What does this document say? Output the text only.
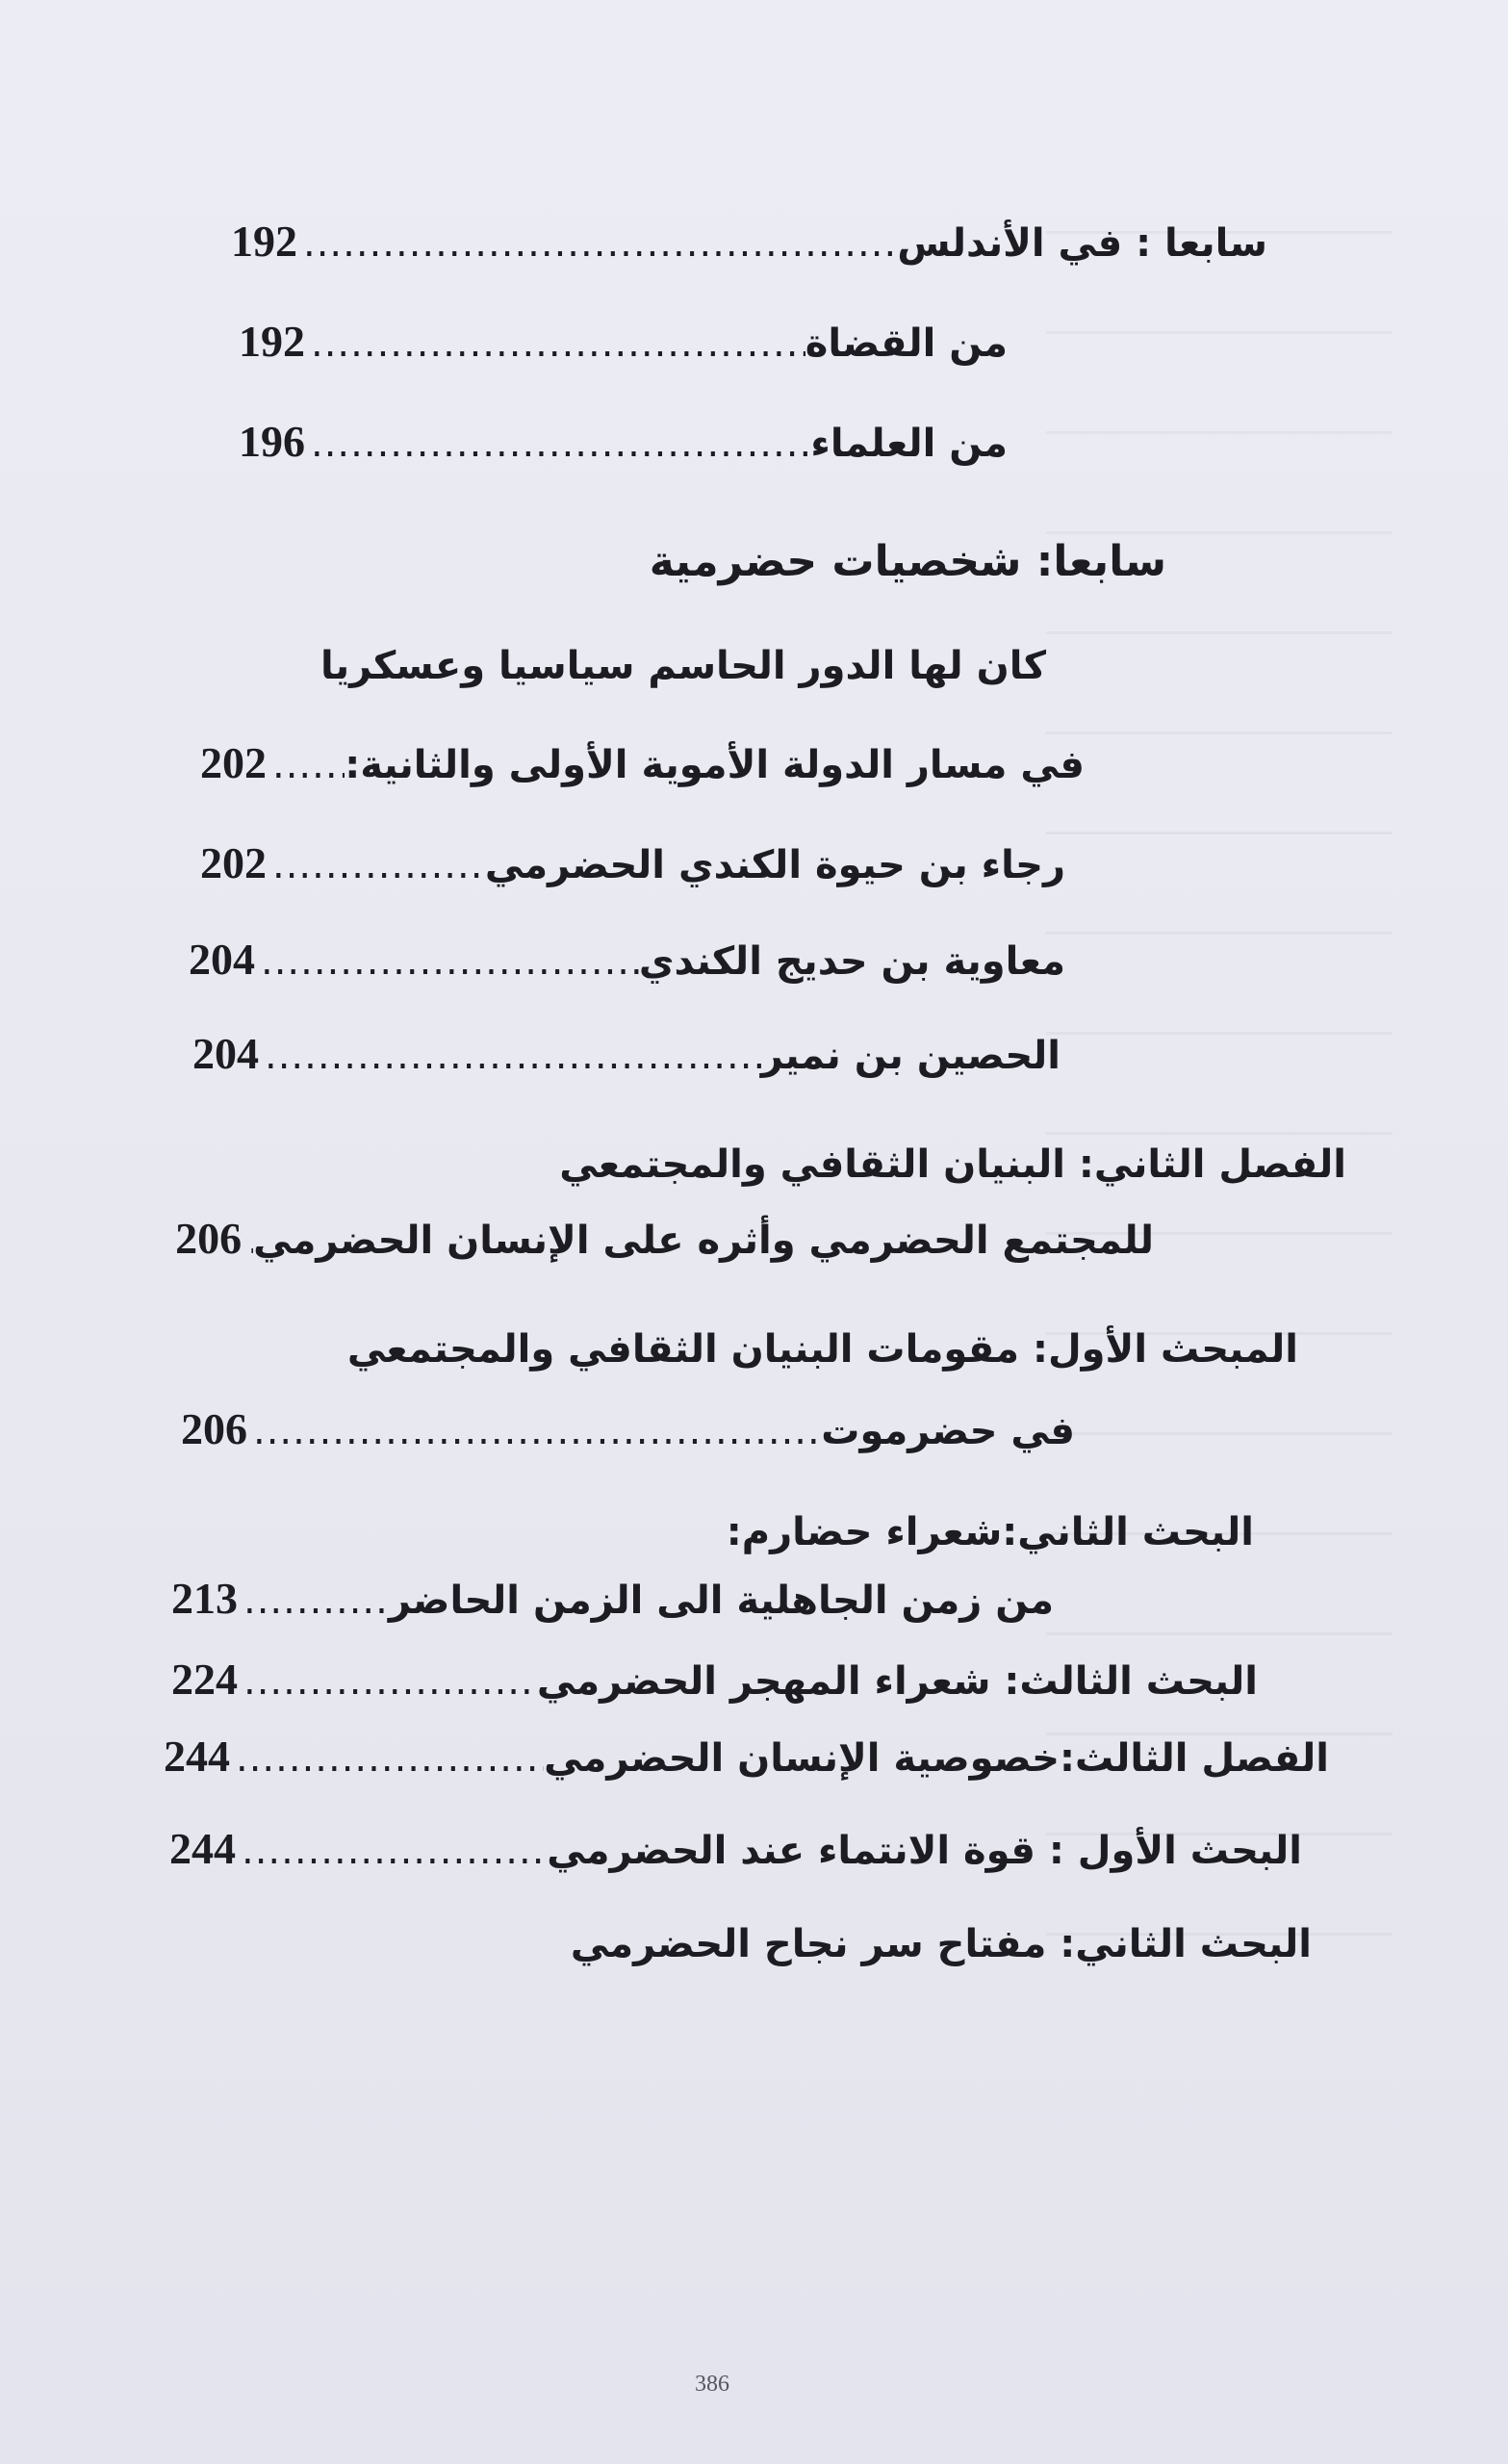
سابعا : في الأندلس
.....
192
من القضاة
.....
192
من العلماء
.....
196
سابعا: شخصيات حضرمية
كان لها الدور الحاسم سياسيا وعسكريا
في مسار الدولة الأموية الأولى والثانية:
.....
202
رجاء بن حيوة الكندي الحضرمي
.....
202
معاوية بن حديج الكندي
.....
204
الحصين بن نمير
.....
204
الفصل الثاني: البنيان الثقافي والمجتمعي
للمجتمع الحضرمي وأثره على الإنسان الحضرمي
.....
206
المبحث الأول: مقومات البنيان الثقافي والمجتمعي
في حضرموت
.....
206
البحث الثاني:شعراء حضارم:
من زمن الجاهلية الى الزمن الحاضر
.....
213
البحث الثالث: شعراء المهجر الحضرمي
.....
224
الفصل الثالث:خصوصية الإنسان الحضرمي
.....
244
البحث الأول : قوة الانتماء عند الحضرمي
.....
244
البحث الثاني: مفتاح سر نجاح الحضرمي
386
